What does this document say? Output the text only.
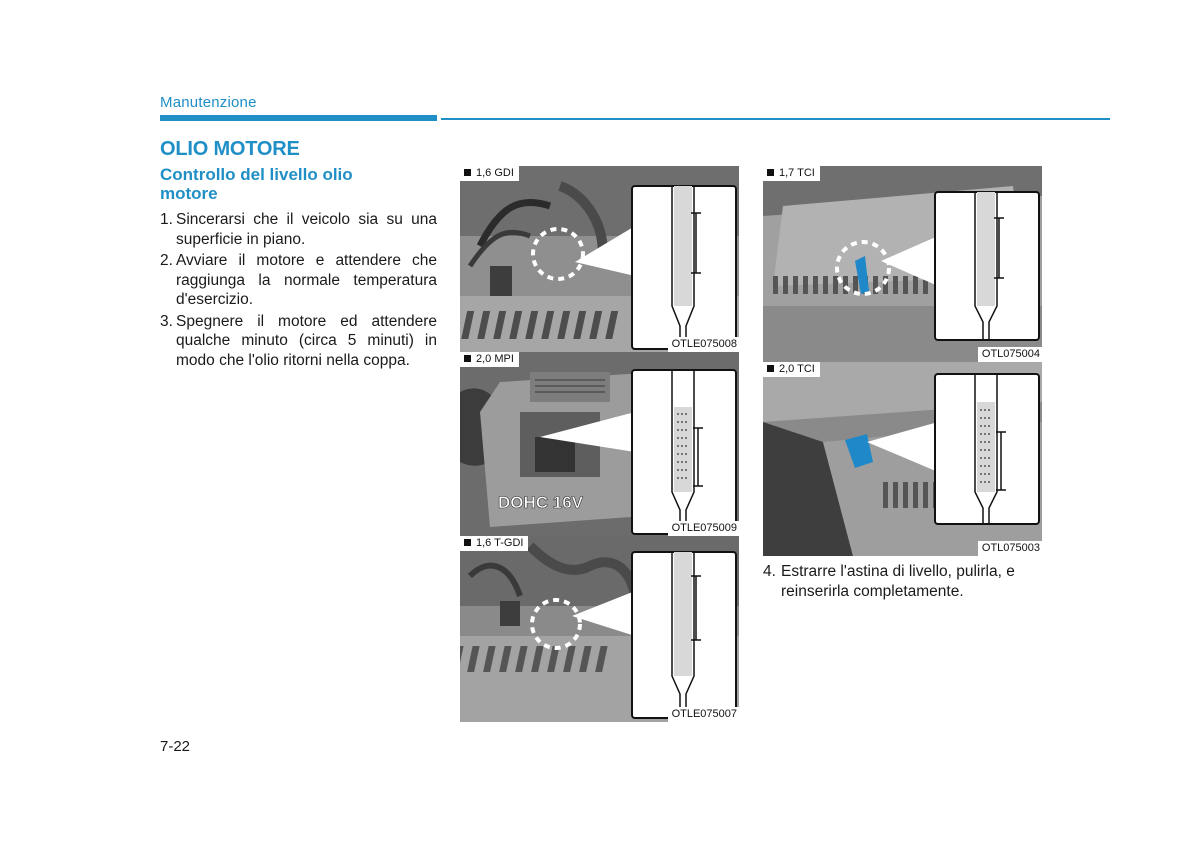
Manutenzione
OLIO MOTORE
Controllo del livello olio motore
1. Sincerarsi che il veicolo sia su una superficie in piano.
2. Avviare il motore e attendere che raggiunga la normale temperatura d'esercizio.
3. Spegnere il motore ed attendere qualche minuto (circa 5 minuti) in modo che l'olio ritorni nella coppa.
1,6 GDI
OTLE075008
DOHC 16V
2,0 MPI
OTLE075009
1,6 T-GDI
OTLE075007
1,7 TCI
OTL075004
2,0 TCI
OTL075003
4. Estrarre l'astina di livello, pulirla, e reinserirla completamente.
7-22
